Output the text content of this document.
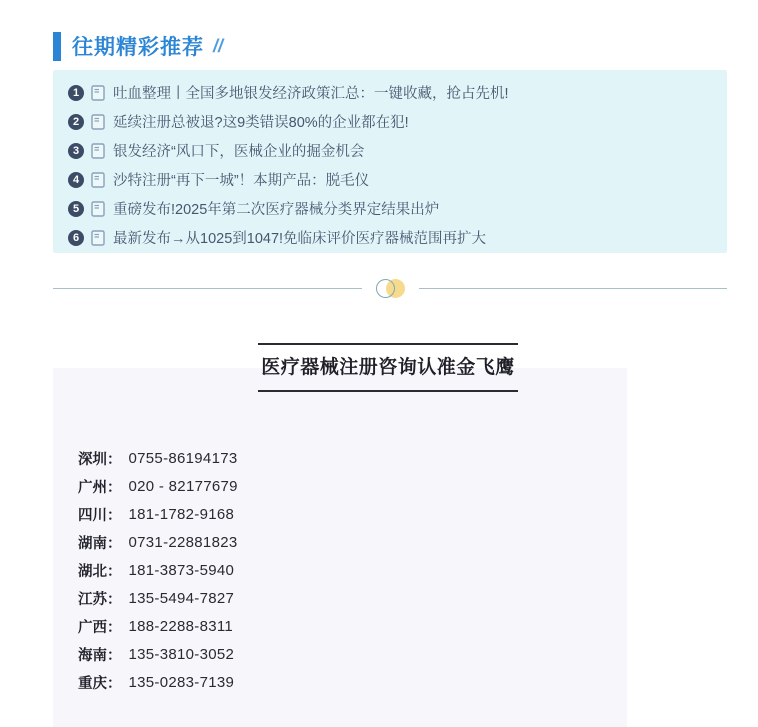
往期精彩推荐 //
1	吐血整理丨全国多地银发经济政策汇总：一键收藏，抢占先机!
2	延续注册总被退?这9类错误80%的企业都在犯!
3	银发经济“风口下，医械企业的掘金机会
4	沙特注册“再下一城”！本期产品：脱毛仪
5	重磅发布!2025年第二次医疗器械分类界定结果出炉
6	最新发布→从1025到1047!免临床评价医疗器械范围再扩大
医疗器械注册咨询认准金飞鹰
深圳： 0755-86194173
广州： 020 - 82177679
四川： 181-1782-9168
湖南： 0731-22881823
湖北： 181-3873-5940
江苏： 135-5494-7827
广西： 188-2288-8311
海南： 135-3810-3052
重庆： 135-0283-7139
